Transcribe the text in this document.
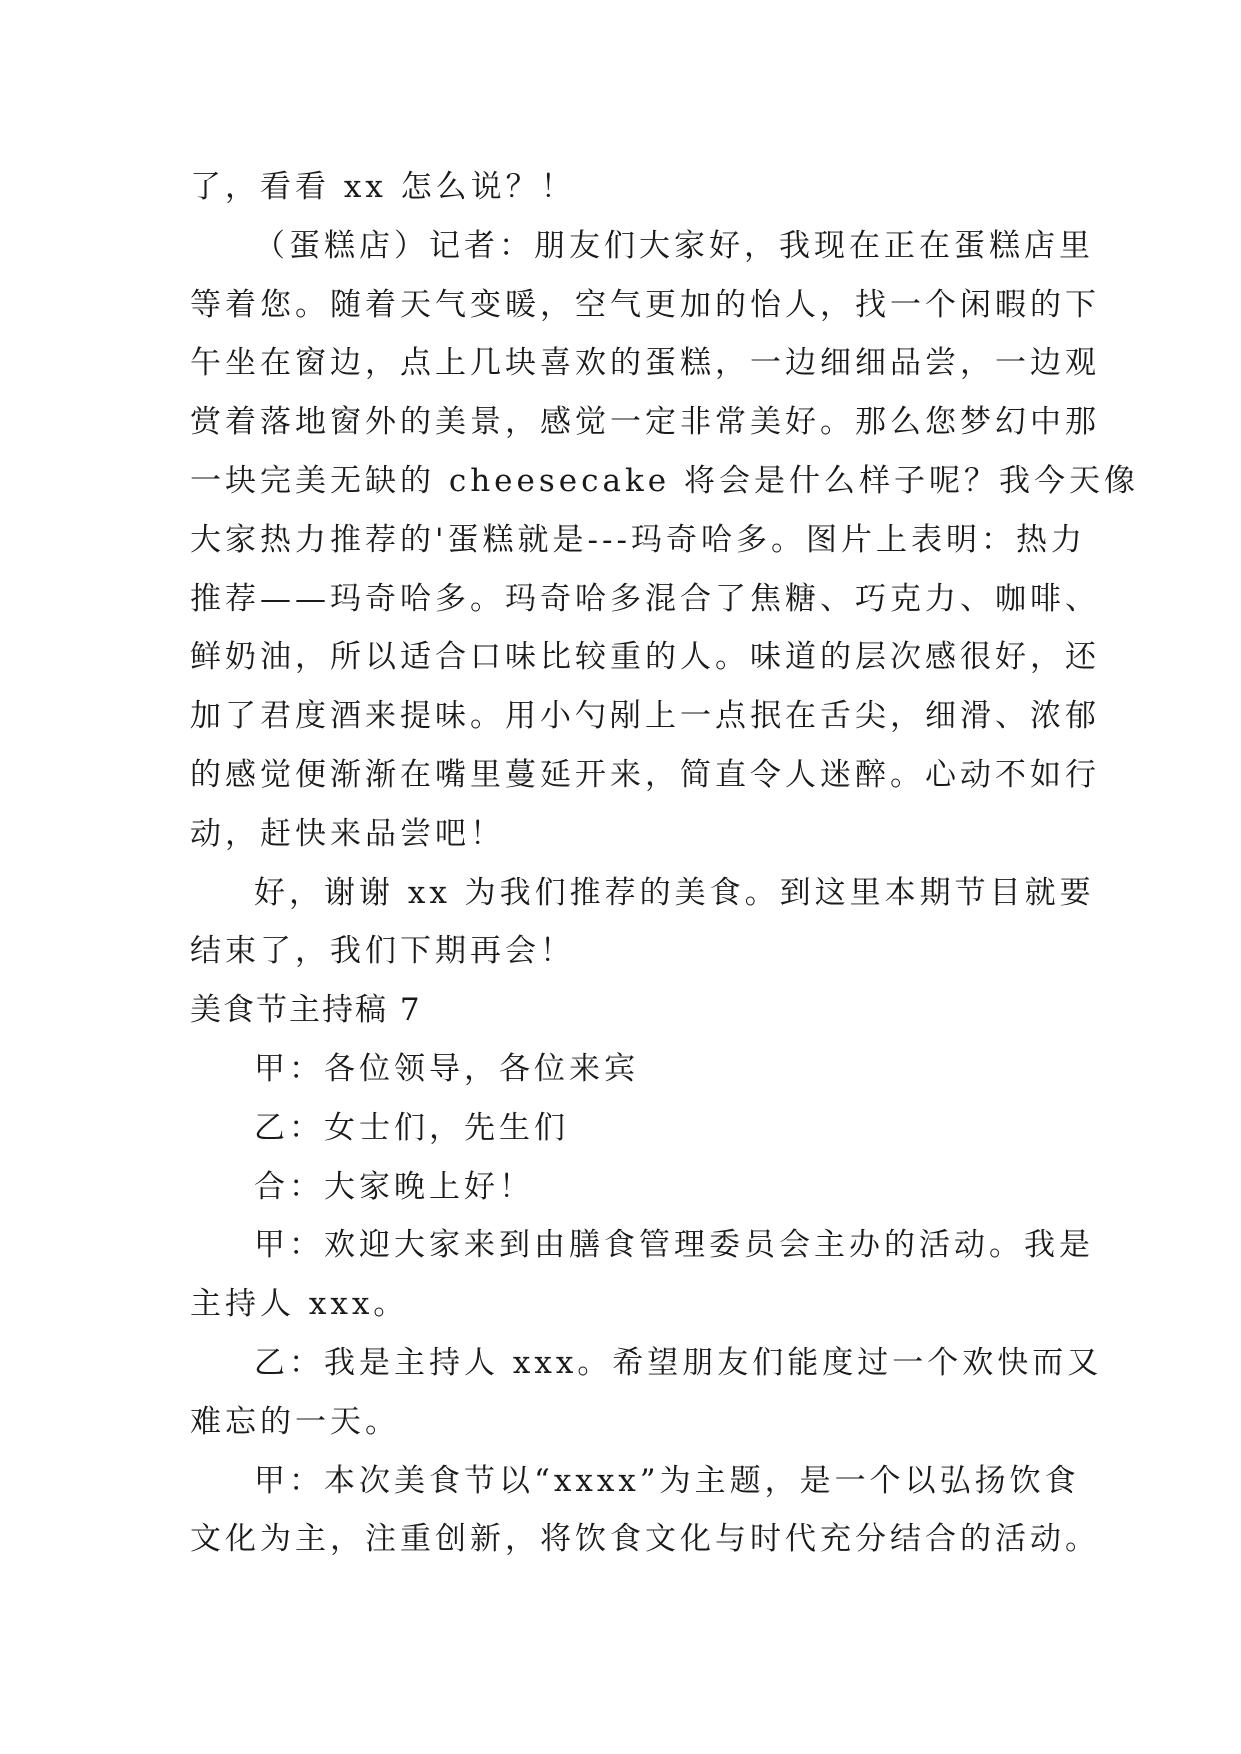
了，看看 xx 怎么说？！
（蛋糕店）记者：朋友们大家好，我现在正在蛋糕店里
等着您。随着天气变暖，空气更加的怡人，找一个闲暇的下
午坐在窗边，点上几块喜欢的蛋糕，一边细细品尝，一边观
赏着落地窗外的美景，感觉一定非常美好。那么您梦幻中那
一块完美无缺的 cheesecake 将会是什么样子呢？我今天像
大家热力推荐的'蛋糕就是---玛奇哈多。图片上表明：热力
推荐——玛奇哈多。玛奇哈多混合了焦糖、巧克力、咖啡、
鲜奶油，所以适合口味比较重的人。味道的层次感很好，还
加了君度酒来提味。用小勺剐上一点抿在舌尖，细滑、浓郁
的感觉便渐渐在嘴里蔓延开来，简直令人迷醉。心动不如行
动，赶快来品尝吧！
好，谢谢 xx 为我们推荐的美食。到这里本期节目就要
结束了，我们下期再会！
美食节主持稿 7
甲：各位领导，各位来宾
乙：女士们，先生们
合：大家晚上好！
甲：欢迎大家来到由膳食管理委员会主办的活动。我是
主持人 xxx。
乙：我是主持人 xxx。希望朋友们能度过一个欢快而又
难忘的一天。
甲：本次美食节以“xxxx”为主题，是一个以弘扬饮食
文化为主，注重创新，将饮食文化与时代充分结合的活动。
